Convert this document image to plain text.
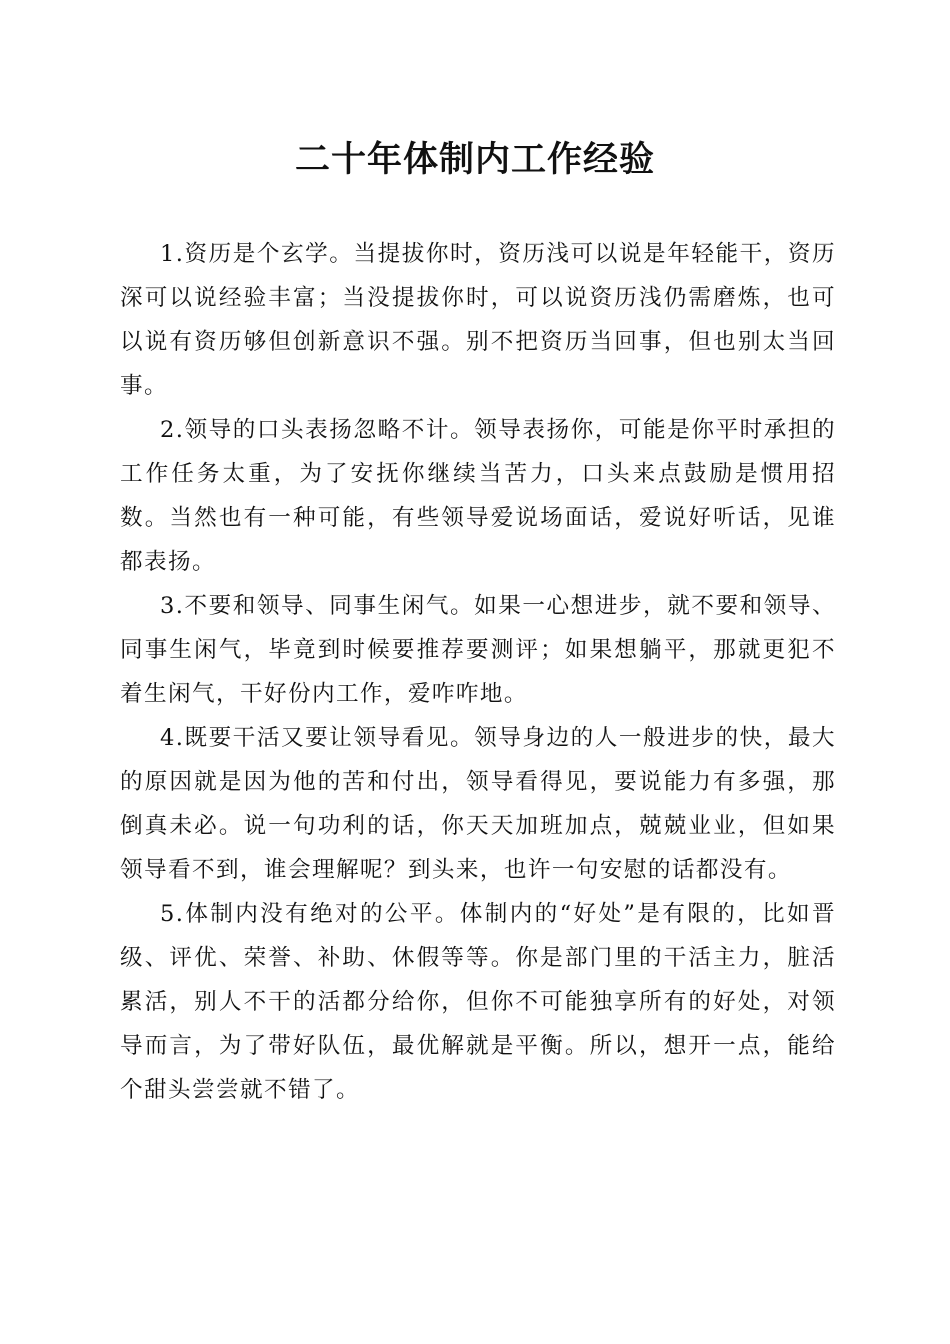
二十年体制内工作经验

1.资历是个玄学。当提拔你时，资历浅可以说是年轻能干，资历深可以说经验丰富；当没提拔你时，可以说资历浅仍需磨炼，也可以说有资历够但创新意识不强。别不把资历当回事，但也别太当回事。

2.领导的口头表扬忽略不计。领导表扬你，可能是你平时承担的工作任务太重，为了安抚你继续当苦力，口头来点鼓励是惯用招数。当然也有一种可能，有些领导爱说场面话，爱说好听话，见谁都表扬。

3.不要和领导、同事生闲气。如果一心想进步，就不要和领导、同事生闲气，毕竟到时候要推荐要测评；如果想躺平，那就更犯不着生闲气，干好份内工作，爱咋咋地。

4.既要干活又要让领导看见。领导身边的人一般进步的快，最大的原因就是因为他的苦和付出，领导看得见，要说能力有多强，那倒真未必。说一句功利的话，你天天加班加点，兢兢业业，但如果领导看不到，谁会理解呢？到头来，也许一句安慰的话都没有。

5.体制内没有绝对的公平。体制内的“好处”是有限的，比如晋级、评优、荣誉、补助、休假等等。你是部门里的干活主力，脏活累活，别人不干的活都分给你，但你不可能独享所有的好处，对领导而言，为了带好队伍，最优解就是平衡。所以，想开一点，能给个甜头尝尝就不错了。
